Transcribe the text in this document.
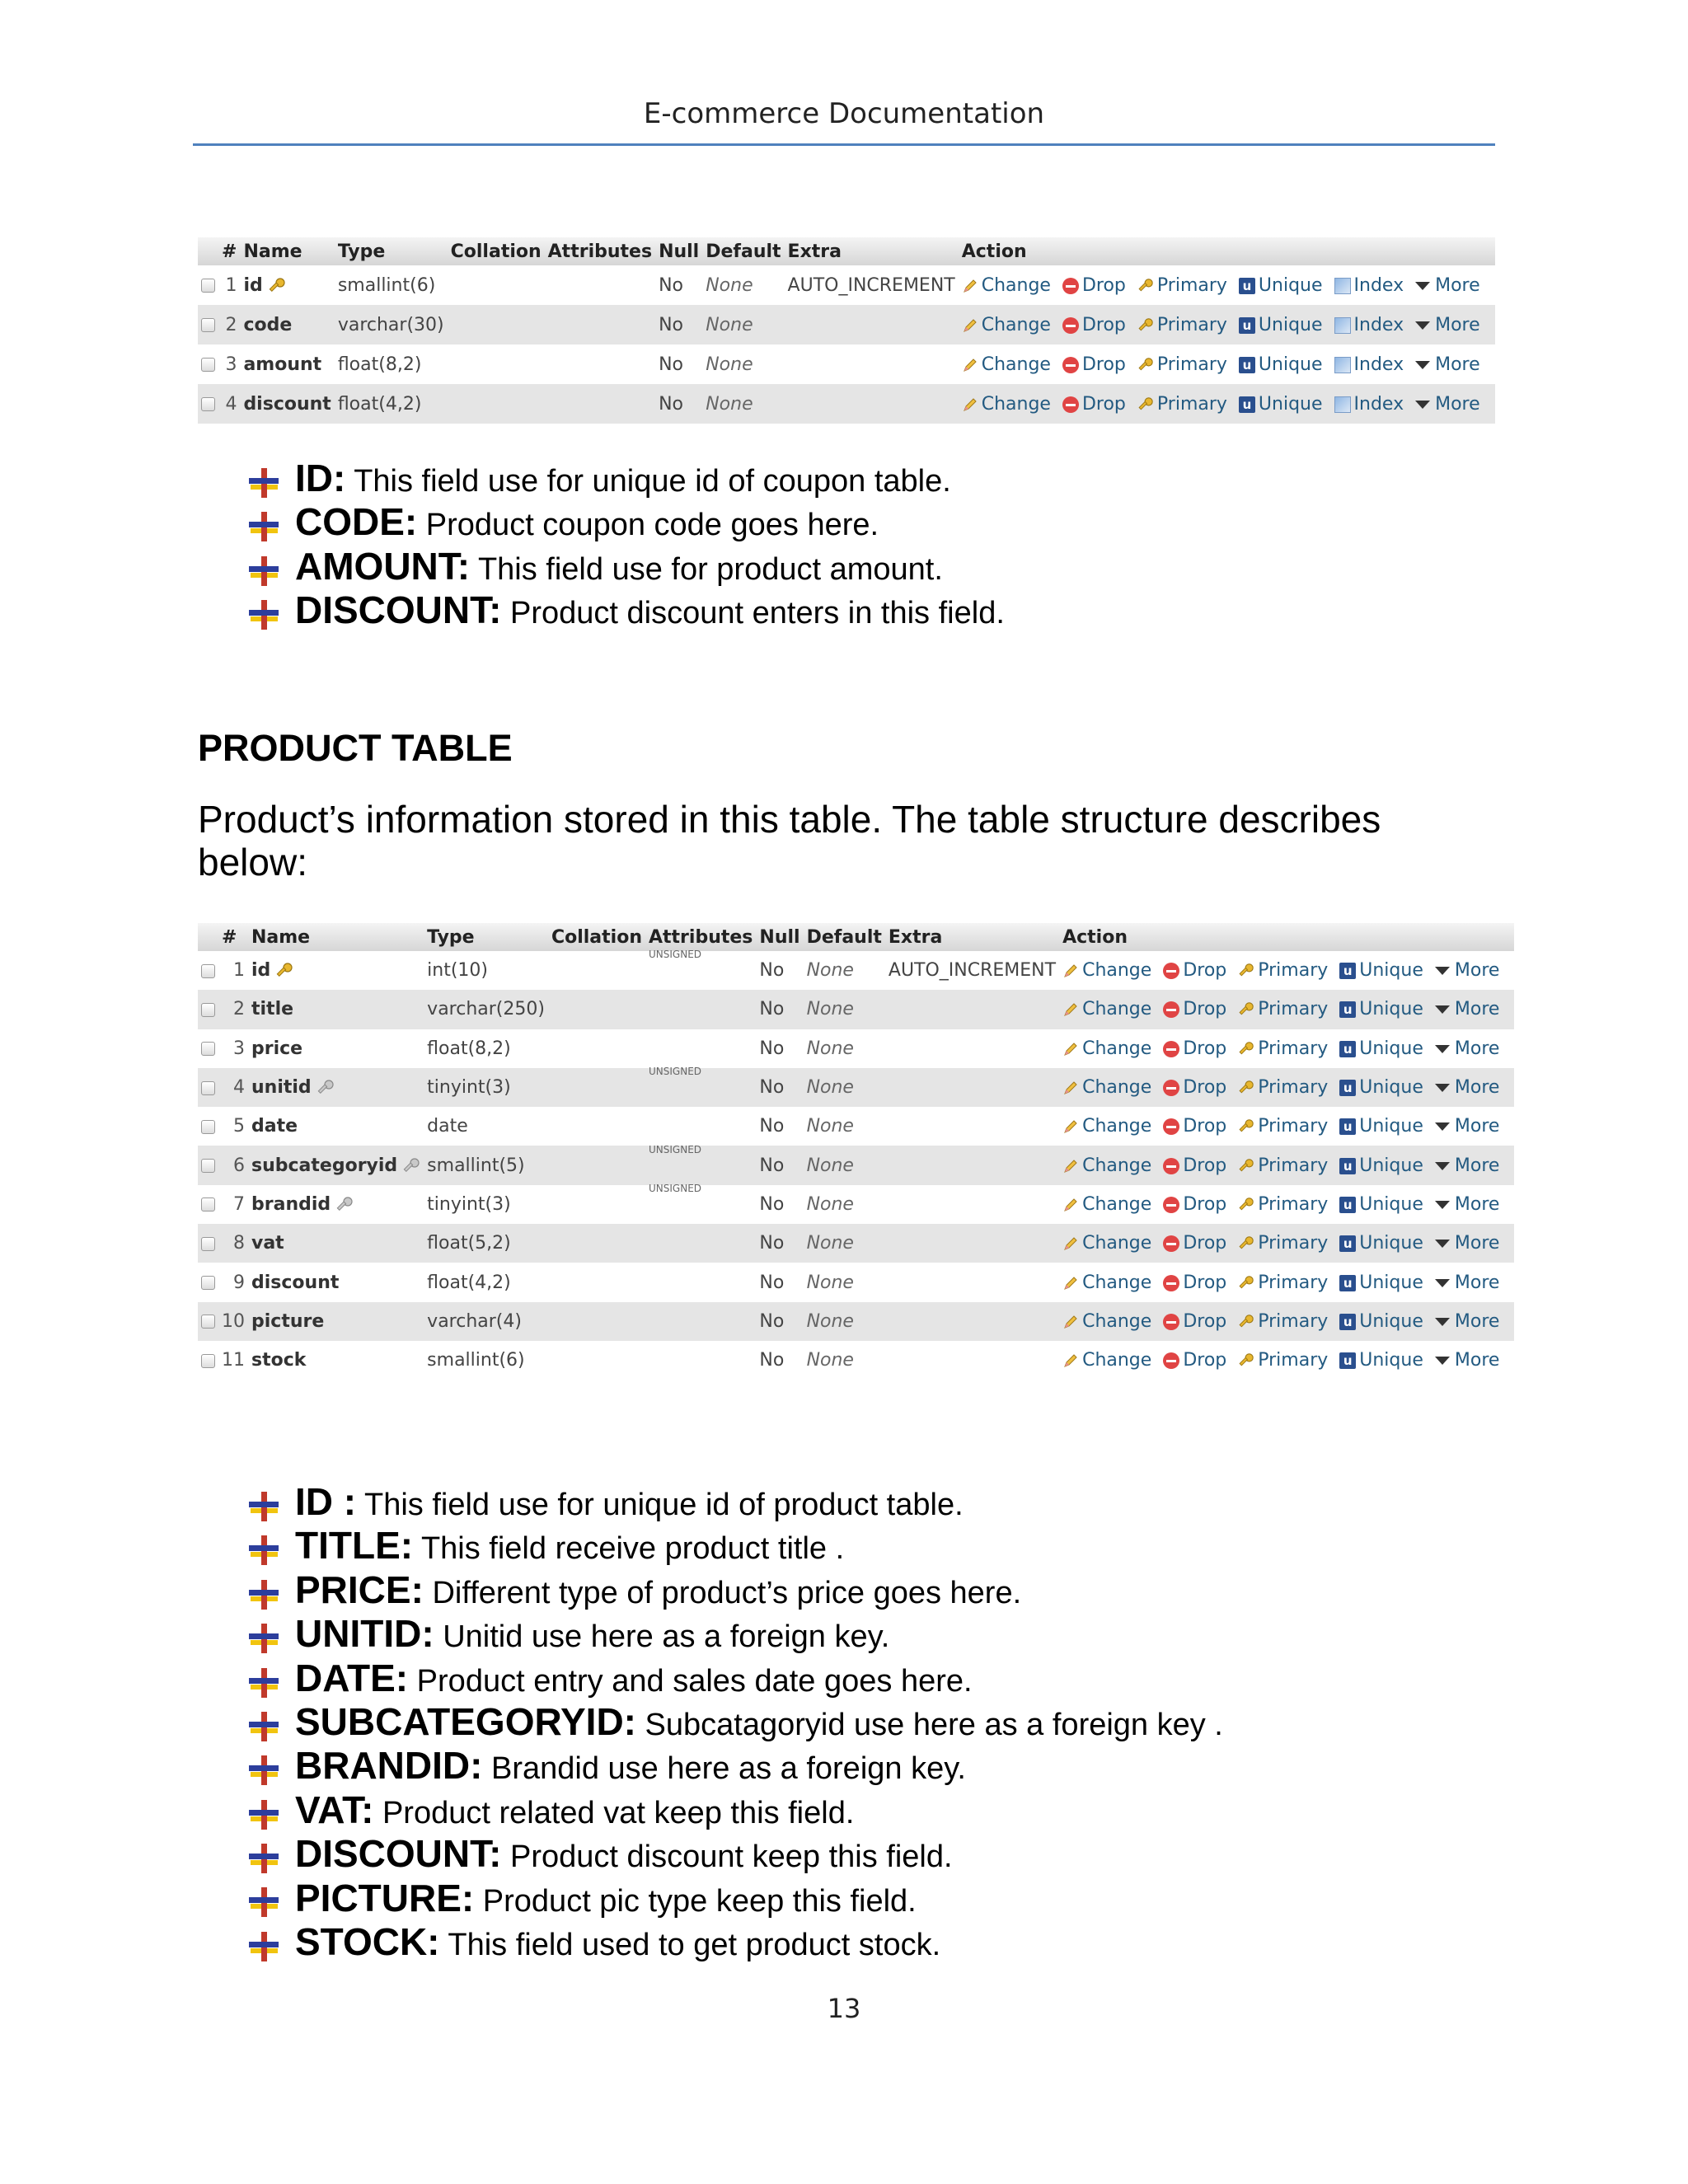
E-commerce Documentation
	#	Name	Type	Collation	Attributes	Null	Default	Extra	Action
	1	id	smallint(6)			No	None	AUTO_INCREMENT	Change Drop Primary u Unique Index More
	2	code	varchar(30)			No	None		Change Drop Primary u Unique Index More
	3	amount	float(8,2)			No	None		Change Drop Primary u Unique Index More
	4	discount	float(4,2)			No	None		Change Drop Primary u Unique Index More
ID: This field use for unique id of coupon table.
CODE: Product coupon code goes here.
AMOUNT: This field use for product amount.
DISCOUNT: Product discount enters in this field.
PRODUCT TABLE
Product’s information stored in this table. The table structure describes below:
	#	Name	Type	Collation	Attributes	Null	Default	Extra	Action
	1	id	int(10)		UNSIGNED	No	None	AUTO_INCREMENT	Change Drop Primary u Unique More
	2	title	varchar(250)			No	None		Change Drop Primary u Unique More
	3	price	float(8,2)			No	None		Change Drop Primary u Unique More
	4	unitid	tinyint(3)		UNSIGNED	No	None		Change Drop Primary u Unique More
	5	date	date			No	None		Change Drop Primary u Unique More
	6	subcategoryid	smallint(5)		UNSIGNED	No	None		Change Drop Primary u Unique More
	7	brandid	tinyint(3)		UNSIGNED	No	None		Change Drop Primary u Unique More
	8	vat	float(5,2)			No	None		Change Drop Primary u Unique More
	9	discount	float(4,2)			No	None		Change Drop Primary u Unique More
	10	picture	varchar(4)			No	None		Change Drop Primary u Unique More
	11	stock	smallint(6)			No	None		Change Drop Primary u Unique More
ID : This field use for unique id of product table.
TITLE: This field receive product title .
PRICE: Different type of product’s price goes here.
UNITID: Unitid use here as a foreign key.
DATE: Product entry and sales date goes here.
SUBCATEGORYID: Subcatagoryid use here as a foreign key .
BRANDID: Brandid use here as a foreign key.
VAT: Product related vat keep this field.
DISCOUNT: Product discount keep this field.
PICTURE: Product pic type keep this field.
STOCK: This field used to get product stock.
13
